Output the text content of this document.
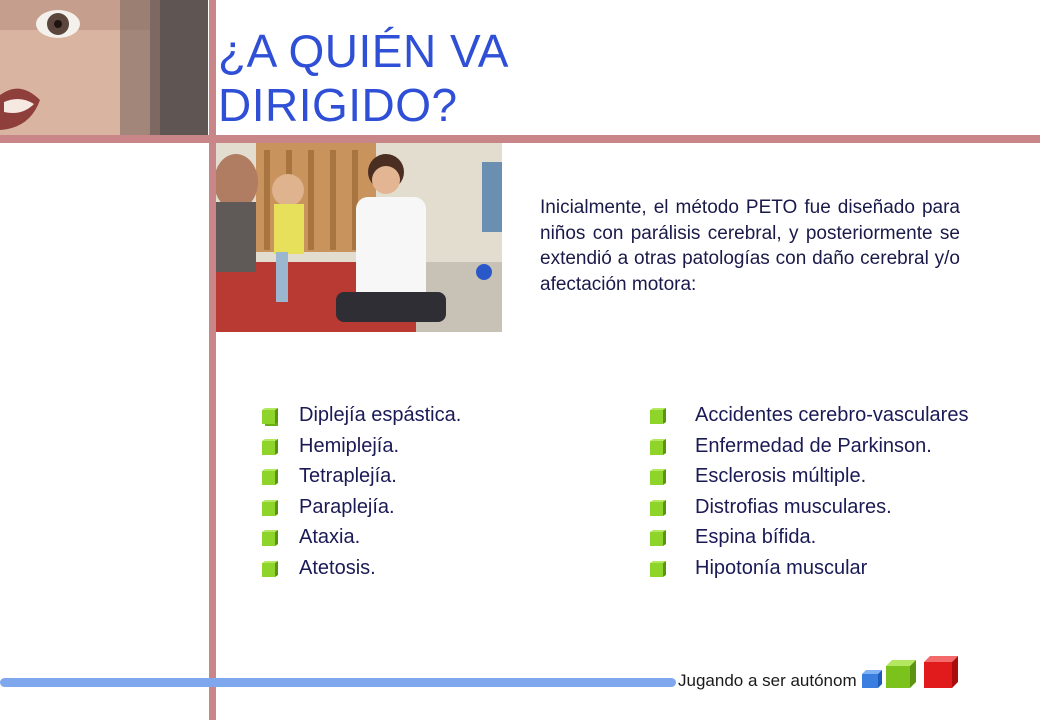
¿A QUIÉN VA
DIRIGIDO?
Inicialmente, el método PETO fue diseñado para niños con parálisis cerebral, y posteriormente se extendió a otras patologías con daño cerebral y/o afectación motora:
Diplejía espástica.
Hemiplejía.
Tetraplejía.
Paraplejía.
Ataxia.
Atetosis.
Accidentes cerebro-vasculares
Enfermedad de Parkinson.
Esclerosis múltiple.
Distrofias musculares.
Espina bífida.
Hipotonía muscular
Jugando a ser autónom
